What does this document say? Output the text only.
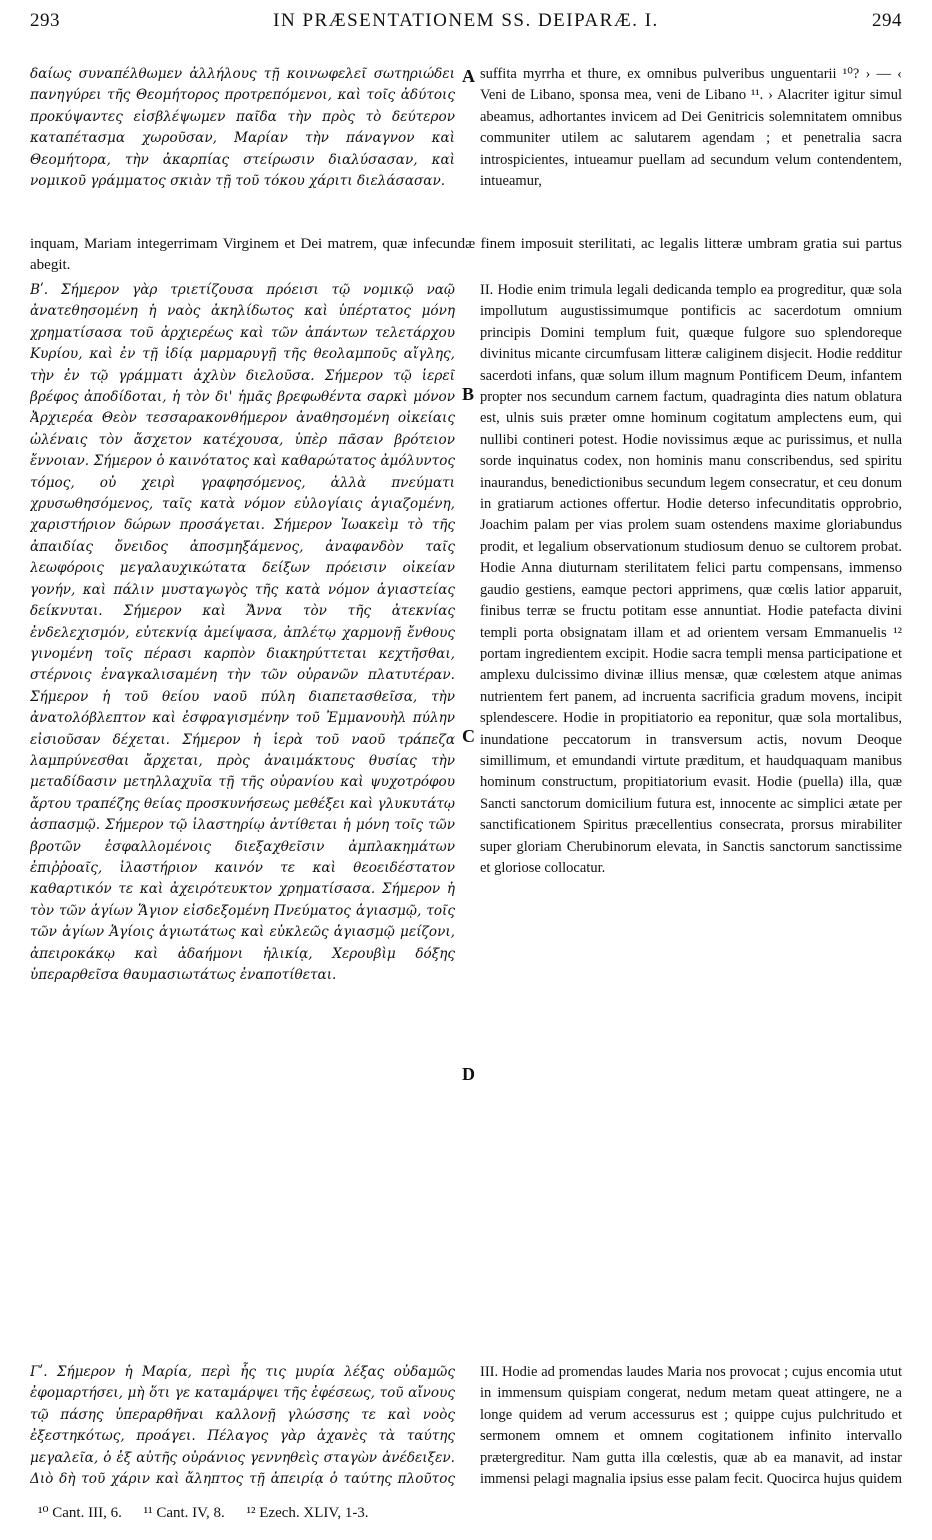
293	IN PRÆSENTATIONEM SS. DEIPARÆ. I.	294
δαίως συναπέλθωμεν ἀλλήλους τῇ κοινωφελεῖ σωτηριώδει πανηγύρει τῆς Θεομήτορος προτρεπόμενοι, καὶ τοῖς ἀδύτοις προκύψαντες εἰσβλέψωμεν παῖδα τὴν πρὸς τὸ δεύτερον καταπέτασμα χωροῦσαν, Μαρίαν τὴν πάναγνον καὶ Θεομήτορα, τὴν ἀκαρπίας στείρωσιν διαλύσασαν, καὶ νομικοῦ γράμματος σκιὰν τῇ τοῦ τόκου χάριτι διελάσασαν.
suffita myrrha et thure, ex omnibus pulveribus unguentarii ¹⁰? › — ‹ Veni de Libano, sponsa mea, veni de Libano ¹¹. › Alacriter igitur simul abeamus, adhortantes invicem ad Dei Genitricis solemnitatem omnibus communiter utilem ac salutarem agendam ; et penetralia sacra introspicientes, intueamur puellam ad secundum velum contendentem, intueamur,
inquam, Mariam integerrimam Virginem et Dei matrem, quæ infecundæ finem imposuit sterilitati, ac legalis litteræ umbram gratia sui partus abegit.
Βʹ. Σήμερον γὰρ τριετίζουσα πρόεισι τῷ νομικῷ ναῷ ἀνατεθησομένη ἡ ναὸς ἀκηλίδωτος καὶ ὑπέρτατος μόνη χρηματίσασα τοῦ ἀρχιερέως καὶ τῶν ἁπάντων τελετάρχου Κυρίου, καὶ ἐν τῇ ἰδίᾳ μαρμαρυγῇ τῆς θεολαμποῦς αἴγλης, τὴν ἐν τῷ γράμματι ἀχλὺν διελοῦσα. Σήμερον τῷ ἱερεῖ βρέφος ἀποδίδοται, ἡ τὸν δι' ἡμᾶς βρεφωθέντα σαρκὶ μόνον Ἀρχιερέα Θεὸν τεσσαρακονθήμερον ἀναθησομένη οἰκείαις ὠλέναις τὸν ἄσχετον κατέχουσα, ὑπὲρ πᾶσαν βρότειον ἔννοιαν. Σήμερον ὁ καινότατος καὶ καθαρώτατος ἀμόλυντος τόμος, οὐ χειρὶ γραφησόμενος, ἀλλὰ πνεύματι χρυσωθησόμενος, ταῖς κατὰ νόμον εὐλογίαις ἁγιαζομένη, χαριστήριον δώρων προσάγεται. Σήμερον Ἰωακεὶμ τὸ τῆς ἀπαιδίας ὄνειδος ἀποσμηξάμενος, ἀναφανδὸν ταῖς λεωφόροις μεγαλαυχικώτατα δείξων πρόεισιν οἰκείαν γονήν, καὶ πάλιν μυσταγωγὸς τῆς κατὰ νόμον ἁγιαστείας δείκνυται. Σήμερον καὶ Ἄννα τὸν τῆς ἀτεκνίας ἐνδελεχισμόν, εὐτεκνίᾳ ἀμείψασα, ἀπλέτῳ χαρμονῇ ἔνθους γινομένη τοῖς πέρασι καρπὸν διακηρύττεται κεχτῆσθαι, στέρνοις ἐναγκαλισαμένη τὴν τῶν οὐρανῶν πλατυτέραν. Σήμερον ἡ τοῦ θείου ναοῦ πύλη διαπετασθεῖσα, τὴν ἀνατολόβλεπτον καὶ ἐσφραγισμένην τοῦ Ἐμμανουὴλ πύλην εἰσιοῦσαν δέχεται. Σήμερον ἡ ἱερὰ τοῦ ναοῦ τράπεζα λαμπρύνεσθαι ἄρχεται, πρὸς ἀναιμάκτους θυσίας τὴν μεταδίδασιν μετηλλαχυῖα τῇ τῆς οὐρανίου καὶ ψυχοτρόφου ἄρτου τραπέζης θείας προσκυνήσεως μεθέξει καὶ γλυκυτάτῳ ἀσπασμῷ. Σήμερον τῷ ἱλαστηρίῳ ἀντίθεται ἡ μόνη τοῖς τῶν βροτῶν ἐσφαλλομένοις διεξαχθεῖσιν ἀμπλακημάτων ἐπιῤῥοαῖς, ἱλαστήριον καινόν τε καὶ θεοειδέστατον καθαρτικόν τε καὶ ἀχειρότευκτον χρηματίσασα. Σήμερον ἡ τὸν τῶν ἁγίων Ἅγιον εἰσδεξομένη Πνεύματος ἁγιασμῷ, τοῖς τῶν ἁγίων Ἁγίοις ἁγιωτάτως καὶ εὐκλεῶς ἁγιασμῷ μείζονι, ἀπειροκάκῳ καὶ ἀδαήμονι ἡλικίᾳ, Χερουβὶμ δόξης ὑπεραρθεῖσα θαυμασιωτάτως ἐναποτίθεται.
II. Hodie enim trimula legali dedicanda templo ea progreditur, quæ sola impollutum augustissimumque pontificis ac sacerdotum omnium principis Domini templum fuit, quæque fulgore suo splendoreque divinitus micante circumfusam litteræ caliginem disjecit. Hodie redditur sacerdoti infans, quæ solum illum magnum Pontificem Deum, infantem propter nos secundum carnem factum, quadraginta dies natum oblatura est, ulnis suis præter omne hominum cogitatum amplectens eum, qui nullibi contineri potest. Hodie novissimus æque ac purissimus, et nulla sorde inquinatus codex, non hominis manu conscribendus, sed spiritu inaurandus, benedictionibus secundum legem consecratur, et ceu donum in gratiarum actiones offertur. Hodie deterso infecunditatis opprobrio, Joachim palam per vias prolem suam ostendens maxime gloriabundus prodit, et legalium observationum studiosum denuo se cultorem probat. Hodie Anna diuturnam sterilitatem felici partu compensans, immenso gaudio gestiens, eamque pectori apprimens, quæ cœlis latior apparuit, finibus terræ se fructu potitam esse annuntiat. Hodie patefacta divini templi porta obsignatam illam et ad orientem versam Emmanuelis ¹² portam ingredientem excipit. Hodie sacra templi mensa participatione et amplexu dulcissimo divinæ illius mensæ, quæ cœlestem atque animas nutrientem fert panem, ad incruenta sacrificia gradum movens, incipit splendescere. Hodie in propitiatorio ea reponitur, quæ sola mortalibus, inundatione peccatorum in transversum actis, novum Deoque simillimum, et emundandi virtute præditum, et haudquaquam manibus hominum constructum, propitiatorium evasit. Hodie (puella) illa, quæ Sancti sanctorum domicilium futura est, innocente ac simplici ætate per sanctificationem Spiritus præcellentius consecrata, prorsus mirabiliter super gloriam Cherubinorum elevata, in Sanctis sanctorum sanctissime et gloriose collocatur.
Γʹ. Σήμερον ἡ Μαρία, περὶ ἧς τις μυρία λέξας οὐδαμῶς ἐφομαρτήσει, μὴ ὅτι γε καταμάρψει τῆς ἐφέσεως, τοῦ αἴνους τῷ πάσης ὑπεραρθῆναι καλλονῇ γλώσσης τε καὶ νοὸς ἐξεστηκότως, προάγει. Πέλαγος γὰρ ἀχανὲς τὰ ταύτης μεγαλεῖα, ὁ ἐξ αὐτῆς οὐράνιος γεννηθεὶς σταγὼν ἀνέδειξεν. Διὸ δὴ τοῦ χάριν καὶ ἄληπτος τῇ ἀπειρίᾳ ὁ ταύτης πλοῦτος
III. Hodie ad promendas laudes Maria nos provocat ; cujus encomia utut in immensum quispiam congerat, nedum metam queat attingere, ne a longe quidem ad verum accessurus est ; quippe cujus pulchritudo et sermonem omnem et omnem cogitationem infinito intervallo prætergreditur. Nam gutta illa cœlestis, quæ ab ea manavit, ad instar immensi pelagi magnalia ipsius esse palam fecit. Quocirca hujus quidem
A
B
C
D
¹⁰ Cant. III, 6. ¹¹ Cant. IV, 8. ¹² Ezech. XLIV, 1-3.
